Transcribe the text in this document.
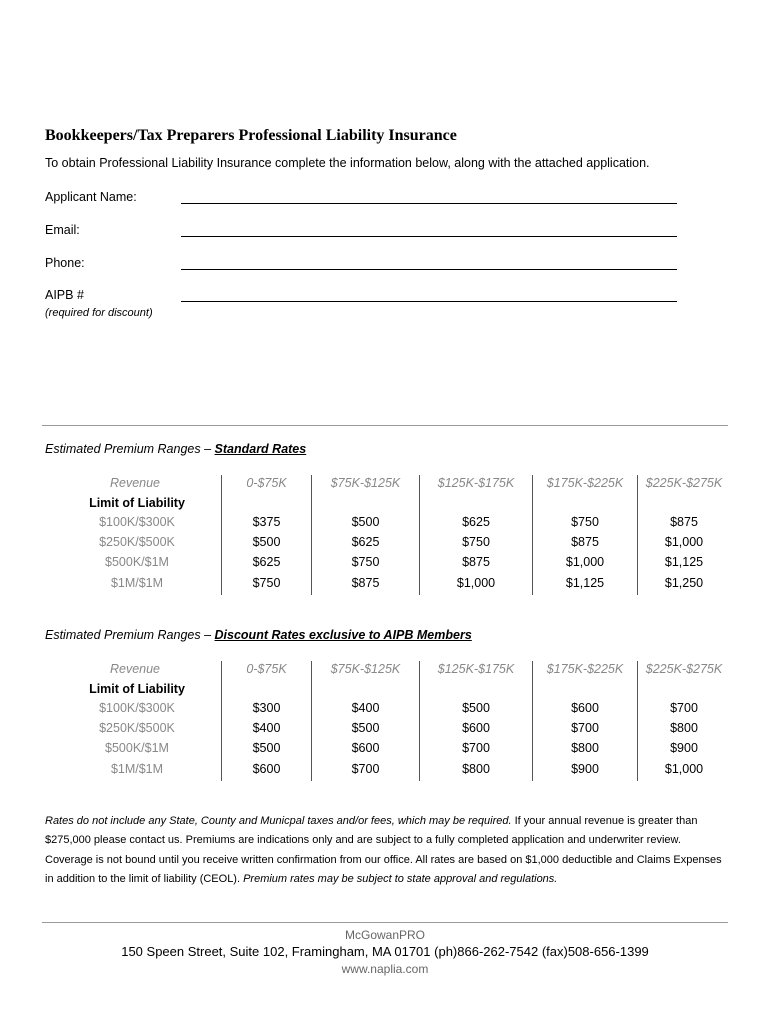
Bookkeepers/Tax Preparers Professional Liability Insurance
To obtain Professional Liability Insurance complete the information below, along with the attached application.
Applicant Name:
Email:
Phone:
AIPB #
(required for discount)
Estimated Premium Ranges – Standard Rates
Revenue	0-$75K	$75K-$125K	$125K-$175K	$175K-$225K	$225K-$275K
Limit of Liability
$100K/$300K	$375	$500	$625	$750	$875
$250K/$500K	$500	$625	$750	$875	$1,000
$500K/$1M	$625	$750	$875	$1,000	$1,125
$1M/$1M	$750	$875	$1,000	$1,125	$1,250
Estimated Premium Ranges – Discount Rates exclusive to AIPB Members
Revenue	0-$75K	$75K-$125K	$125K-$175K	$175K-$225K	$225K-$275K
Limit of Liability
$100K/$300K	$300	$400	$500	$600	$700
$250K/$500K	$400	$500	$600	$700	$800
$500K/$1M	$500	$600	$700	$800	$900
$1M/$1M	$600	$700	$800	$900	$1,000
Rates do not include any State, County and Municpal taxes and/or fees, which may be required. If your annual revenue is greater than $275,000 please contact us. Premiums are indications only and are subject to a fully completed application and underwriter review. Coverage is not bound until you receive written confirmation from our office. All rates are based on $1,000 deductible and Claims Expenses in addition to the limit of liability (CEOL). Premium rates may be subject to state approval and regulations.
McGowanPRO
150 Speen Street, Suite 102, Framingham, MA 01701 (ph)866-262-7542 (fax)508-656-1399
www.naplia.com
